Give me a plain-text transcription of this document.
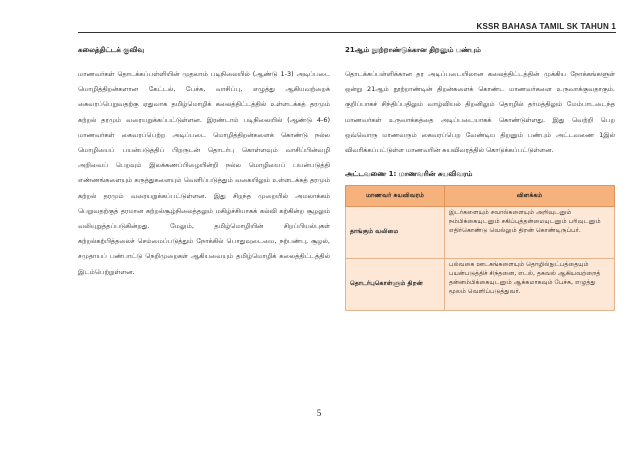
KSSR BAHASA TAMIL SK TAHUN 1
கலைத்திட்டக் குவிவு

மாணவர்கள் தொடக்கப்பள்ளியின் முதலாம் படிநிலையில் (ஆண்டு 1-3) அடிப்படை மொழித்திறன்களான கேட்டல், பேச்சு, வாசிப்பு, எழுத்து ஆகியவற்றைக் கைவரப்பெறுவதற்கு ஏதுவாக தமிழ்மொழிக் கலைத்திட்டத்தில் உள்ளடக்கத் தரமும் கற்றல் தரமும் வரையறுக்கப்பட்டுள்ளன. இரண்டாம் படிநிலையில் (ஆண்டு 4-6) மாணவர்கள் கைவரப்பெற்ற அடிப்படை மொழித்திறன்களைக் கொண்டு நல்ல மொழியைப் பயன்படுத்திப் பிறருடன் தொடர்பு கொள்ளவும் வாசிப்பின்வழி அறிவைப் பெறவும் இலக்கணப்பிழையின்றி நல்ல மொழியைப் பயன்படுத்தி எண்ணங்களையும் கருத்துகளையும் வெளிப்படுத்தும் வகையிலும் உள்ளடக்கத் தரமும் கற்றல் தரமும் வரையறுக்கப்பட்டுள்ளன. இது சிறந்த முறையில் அமலாக்கம் பெறுவதற்குத் தரமான கற்றல்சூழ்நிலைத்தலும் மகிழ்ச்சியாகக் கல்வி கற்கின்ற சூழலும் வலியுறுத்தப்படுகின்றது. மேலும், தமிழ்மொழியின் சிறப்பியல்புகள் கற்றல்கற்பித்தலைச் செம்மைப்படுத்தும் நோக்கில் பொதுவுடைமை, நற்பண்பு, சூழல், சமுதாயப் பண்பாட்டு நெறிமுறைகள் ஆகியவையும் தமிழ்மொழிக் கலைத்திட்டத்தில் இடம்பெற்றுள்ளன.

21ஆம் நூற்றாண்டுக்கான திறனும் பண்பும்

தொடக்கப்பள்ளிக்கான தர அடிப்படையிலான கலைத்திட்டத்தின் முக்கிய நோக்கங்களுள் ஒன்று 21ஆம் நூற்றாண்டின் திறன்களைக் கொண்ட மாணவர்களை உருவாக்குவதாகும். குறிப்பாகச் சிந்திப்பதிலும் வாழ்வியல் திறனிலும் தொழில் தர்மத்திலும் மேம்பாடடைந்த மாணவர்கள் உருவாக்கத்தை அடிப்படையாகக் கொண்டுள்ளது. இது வெற்றி பெற ஒவ்வொரு மாணவரும் கைவரப்பெற வேண்டிய திறனும் பண்பும் அட்டவணை 1இல் விவரிக்கப்பட்டுள்ள மாணவரின் சுயவிவரத்தில் கொடுக்கப்பட்டுள்ளன.

அட்டவணை 1: மாணவரின் சுயவிவரம்
மாணவர் சுயவிவரம்	விளக்கம்
தாங்கும் வலிமை	இடர்களையும் சவால்களையும் அறிவுடனும் நம்பிக்கையுடனும் சகிப்புத்தன்மையுடனும் பரிவுடனும் எதிர்கொண்டு வெல்லும் திறன் கொண்டிருப்பர்.
தொடர்புகொள்ளும் திறன்	பல்வகை ஊடகங்களையும் தொழில்நுட்பத்தையும் பயன்படுத்திச் சிந்தனை, எடல், தகவல் ஆகியவற்றைத் தன்னம்பிக்கையுடனும் ஆக்கமாகவும் பேச்சு, எழுத்து மூலம் வெளிப்படுத்துவர்.
5
